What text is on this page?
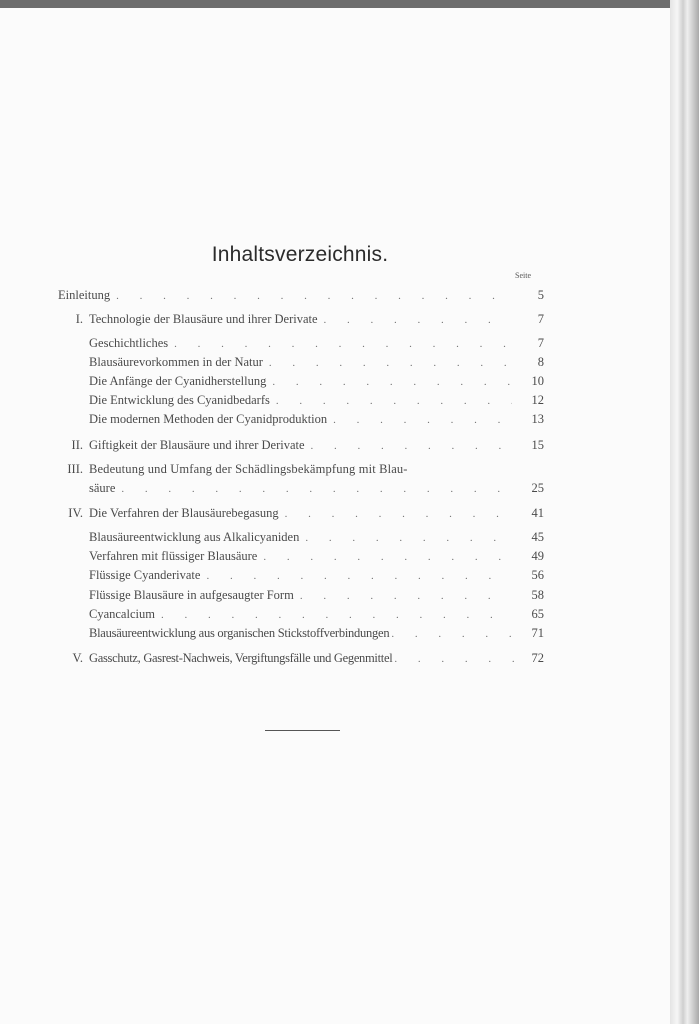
Inhaltsverzeichnis.
Seite
Einleitung . . .	5
I. Technologie der Blausäure und ihrer Derivate . . .	7
Geschichtliches . . .	7
Blausäurevorkommen in der Natur . . .	8
Die Anfänge der Cyanidherstellung . . .	10
Die Entwicklung des Cyanidbedarfs . . .	12
Die modernen Methoden der Cyanidproduktion . . .	13
II. Giftigkeit der Blausäure und ihrer Derivate . . .	15
III. Bedeutung und Umfang der Schädlingsbekämpfung mit Blau-
säure . . .	25
IV. Die Verfahren der Blausäurebegasung . . .	41
Blausäureentwicklung aus Alkalicyaniden . . .	45
Verfahren mit flüssiger Blausäure . . .	49
Flüssige Cyanderivate . . .	56
Flüssige Blausäure in aufgesaugter Form . . .	58
Cyancalcium . . .	65
Blausäureentwicklung aus organischen Stickstoffverbindungen . . .	71
V. Gasschutz, Gasrest-Nachweis, Vergiftungsfälle und Gegenmittel . . .	72
